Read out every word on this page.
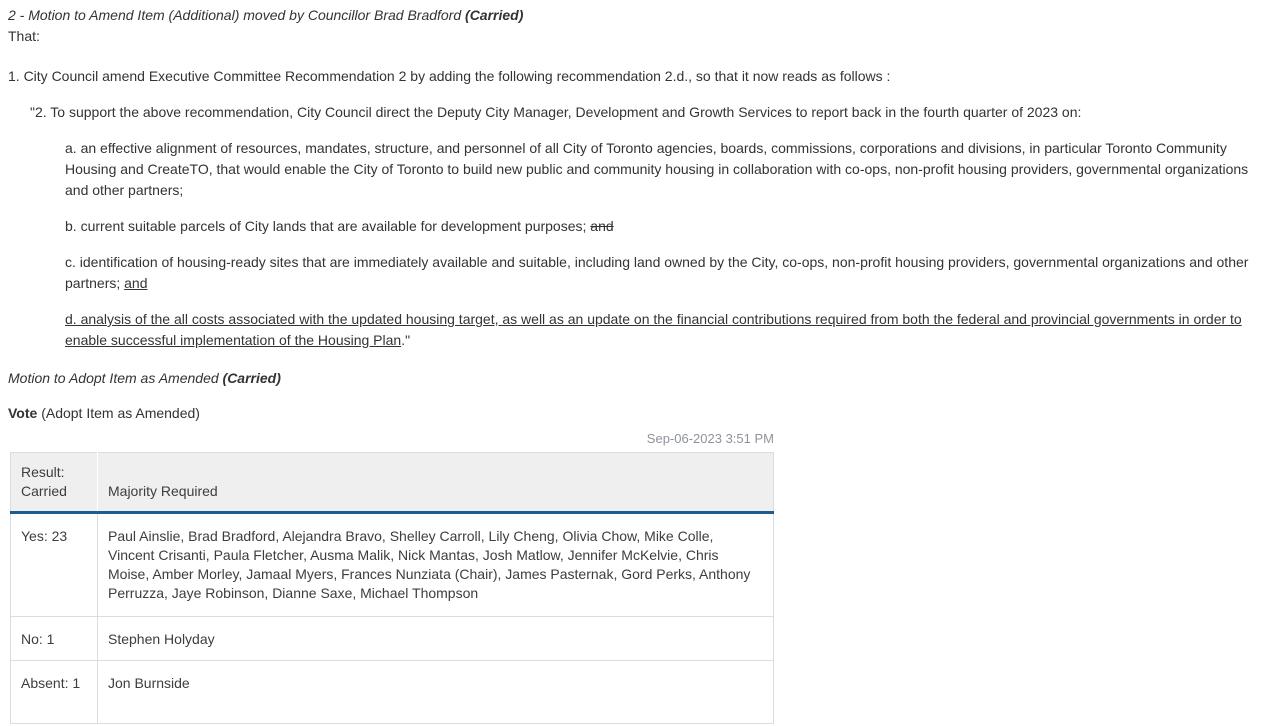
2 - Motion to Amend Item (Additional) moved by Councillor Brad Bradford (Carried)

That:

1. City Council amend Executive Committee Recommendation 2 by adding the following recommendation 2.d., so that it now reads as follows :

"2. To support the above recommendation, City Council direct the Deputy City Manager, Development and Growth Services to report back in the fourth quarter of 2023 on:

a. an effective alignment of resources, mandates, structure, and personnel of all City of Toronto agencies, boards, commissions, corporations and divisions, in particular Toronto Community Housing and CreateTO, that would enable the City of Toronto to build new public and community housing in collaboration with co-ops, non-profit housing providers, governmental organizations and other partners;

b. current suitable parcels of City lands that are available for development purposes; and

c. identification of housing-ready sites that are immediately available and suitable, including land owned by the City, co-ops, non-profit housing providers, governmental organizations and other partners; and

d. analysis of the all costs associated with the updated housing target, as well as an update on the financial contributions required from both the federal and provincial governments in order to enable successful implementation of the Housing Plan."

Motion to Adopt Item as Amended (Carried)

Vote (Adopt Item as Amended)

Sep-06-2023 3:51 PM
Result: Carried	Majority Required
Yes: 23	Paul Ainslie, Brad Bradford, Alejandra Bravo, Shelley Carroll, Lily Cheng, Olivia Chow, Mike Colle, Vincent Crisanti, Paula Fletcher, Ausma Malik, Nick Mantas, Josh Matlow, Jennifer McKelvie, Chris Moise, Amber Morley, Jamaal Myers, Frances Nunziata (Chair), James Pasternak, Gord Perks, Anthony Perruzza, Jaye Robinson, Dianne Saxe, Michael Thompson
No: 1	Stephen Holyday
Absent: 1	Jon Burnside
